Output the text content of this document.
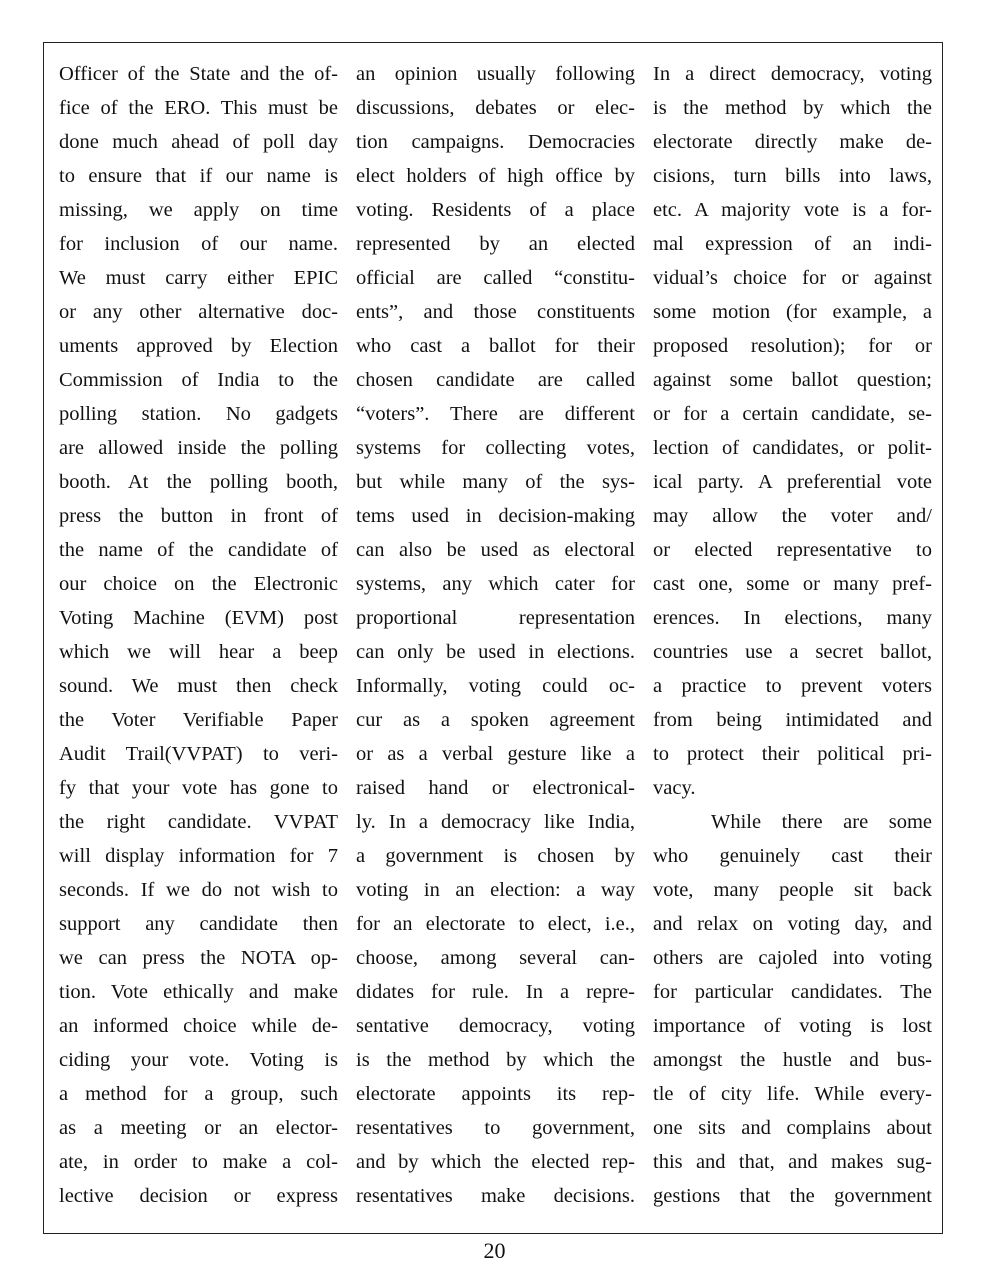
Officer of the State and the of-
fice of the ERO. This must be
done much ahead of poll day
to ensure that if our name is
missing, we apply on time
for inclusion of our name.
We must carry either EPIC
or any other alternative doc-
uments approved by Election
Commission of India to the
polling station. No gadgets
are allowed inside the polling
booth. At the polling booth,
press the button in front of
the name of the candidate of
our choice on the Electronic
Voting Machine (EVM) post
which we will hear a beep
sound. We must then check
the Voter Verifiable Paper
Audit Trail(VVPAT) to veri-
fy that your vote has gone to
the right candidate. VVPAT
will display information for 7
seconds. If we do not wish to
support any candidate then
we can press the NOTA op-
tion. Vote ethically and make
an informed choice while de-
ciding your vote. Voting is
a method for a group, such
as a meeting or an elector-
ate, in order to make a col-
lective decision or express
an opinion usually following
discussions, debates or elec-
tion campaigns. Democracies
elect holders of high office by
voting. Residents of a place
represented by an elected
official are called “constitu-
ents”, and those constituents
who cast a ballot for their
chosen candidate are called
“voters”. There are different
systems for collecting votes,
but while many of the sys-
tems used in decision-making
can also be used as electoral
systems, any which cater for
proportional representation
can only be used in elections.
Informally, voting could oc-
cur as a spoken agreement
or as a verbal gesture like a
raised hand or electronical-
ly. In a democracy like India,
a government is chosen by
voting in an election: a way
for an electorate to elect, i.e.,
choose, among several can-
didates for rule. In a repre-
sentative democracy, voting
is the method by which the
electorate appoints its rep-
resentatives to government,
and by which the elected rep-
resentatives make decisions.
In a direct democracy, voting
is the method by which the
electorate directly make de-
cisions, turn bills into laws,
etc. A majority vote is a for-
mal expression of an indi-
vidual’s choice for or against
some motion (for example, a
proposed resolution); for or
against some ballot question;
or for a certain candidate, se-
lection of candidates, or polit-
ical party. A preferential vote
may allow the voter and/
or elected representative to
cast one, some or many pref-
erences. In elections, many
countries use a secret ballot,
a practice to prevent voters
from being intimidated and
to protect their political pri-
vacy.
While there are some
who genuinely cast their
vote, many people sit back
and relax on voting day, and
others are cajoled into voting
for particular candidates. The
importance of voting is lost
amongst the hustle and bus-
tle of city life. While every-
one sits and complains about
this and that, and makes sug-
gestions that the government
20
